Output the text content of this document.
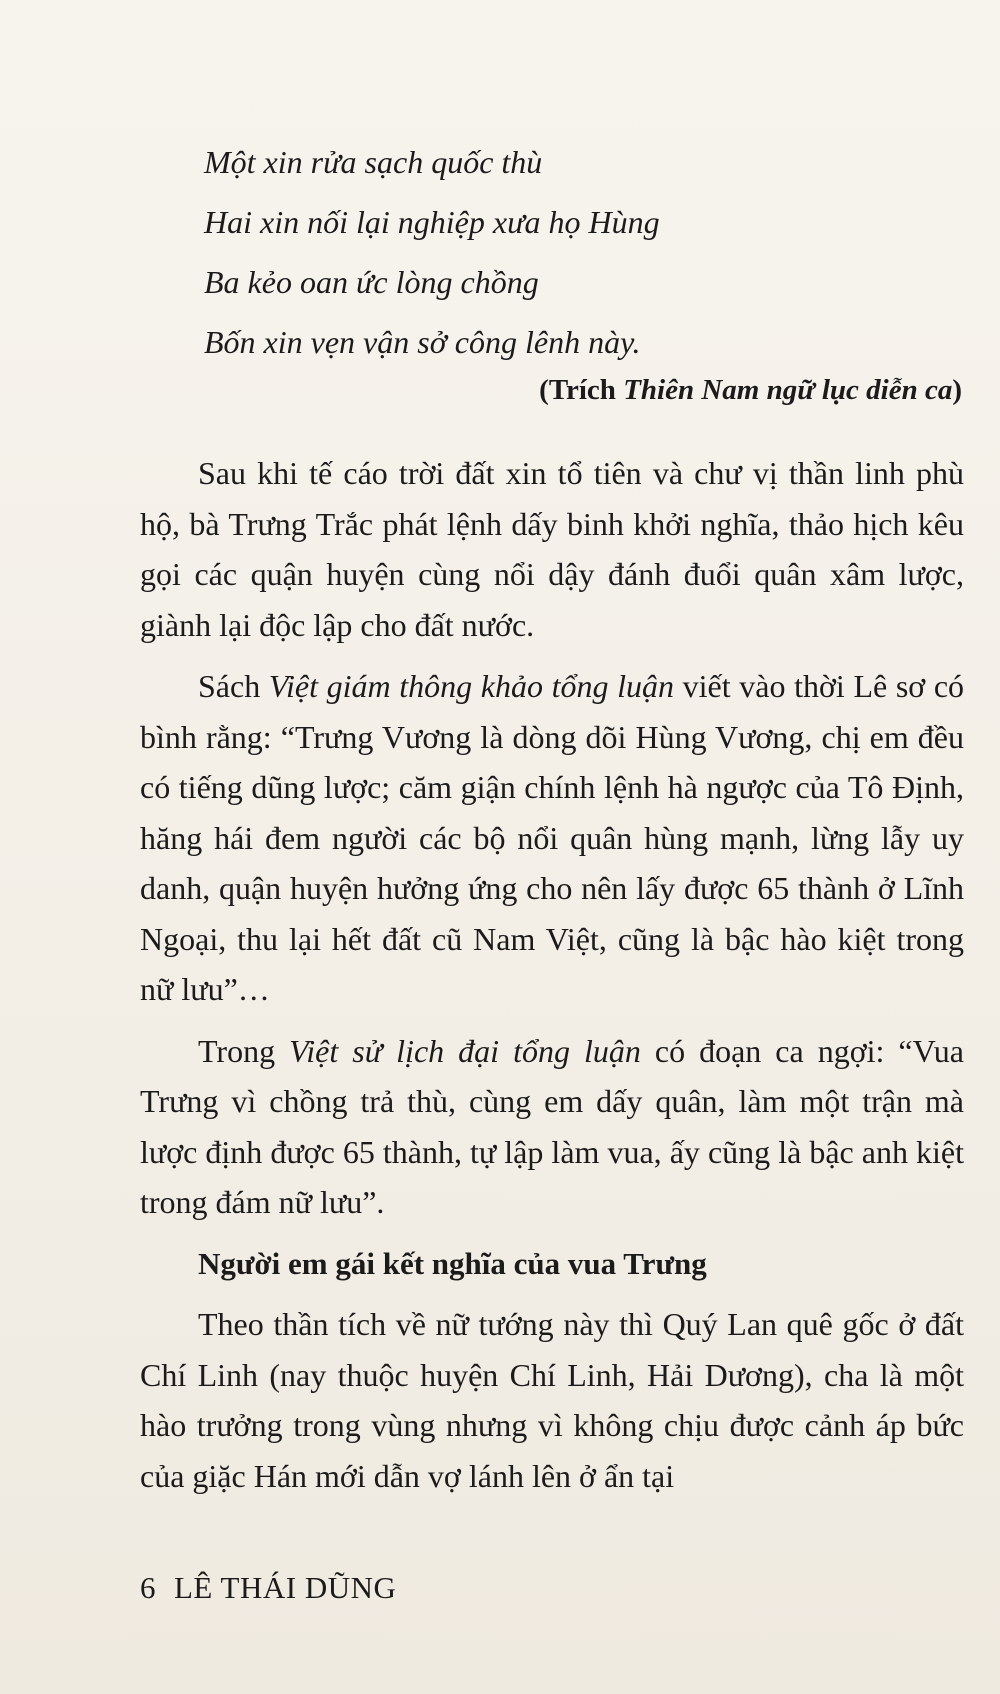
Một xin rửa sạch quốc thù
Hai xin nối lại nghiệp xưa họ Hùng
Ba kẻo oan ức lòng chồng
Bốn xin vẹn vận sở công lênh này.
(Trích Thiên Nam ngữ lục diễn ca)

Sau khi tế cáo trời đất xin tổ tiên và chư vị thần linh phù hộ, bà Trưng Trắc phát lệnh dấy binh khởi nghĩa, thảo hịch kêu gọi các quận huyện cùng nổi dậy đánh đuổi quân xâm lược, giành lại độc lập cho đất nước.

Sách Việt giám thông khảo tổng luận viết vào thời Lê sơ có bình rằng: “Trưng Vương là dòng dõi Hùng Vương, chị em đều có tiếng dũng lược; căm giận chính lệnh hà ngược của Tô Định, hăng hái đem người các bộ nổi quân hùng mạnh, lừng lẫy uy danh, quận huyện hưởng ứng cho nên lấy được 65 thành ở Lĩnh Ngoại, thu lại hết đất cũ Nam Việt, cũng là bậc hào kiệt trong nữ lưu”…

Trong Việt sử lịch đại tổng luận có đoạn ca ngợi: “Vua Trưng vì chồng trả thù, cùng em dấy quân, làm một trận mà lược định được 65 thành, tự lập làm vua, ấy cũng là bậc anh kiệt trong đám nữ lưu”.

Người em gái kết nghĩa của vua Trưng

Theo thần tích về nữ tướng này thì Quý Lan quê gốc ở đất Chí Linh (nay thuộc huyện Chí Linh, Hải Dương), cha là một hào trưởng trong vùng nhưng vì không chịu được cảnh áp bức của giặc Hán mới dẫn vợ lánh lên ở ẩn tại

6 LÊ THÁI DŨNG
